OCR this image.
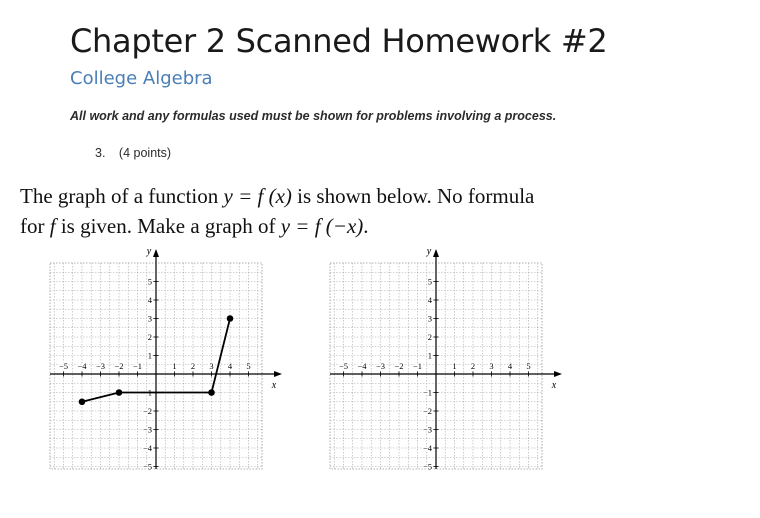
Chapter 2 Scanned Homework #2
College Algebra
All work and any formulas used must be shown for problems involving a process.
3. (4 points)

The graph of a function y = f (x) is shown below. No formula

for f is given. Make a graph of y = f (−x).

x
y
−5 −4 −3 −2 −1	1 2 3 4 5
5
4
3
2
1
−1
−2
−3
−4
−5
x
y
−5 −4 −3 −2 −1	1 2 3 4 5
5
4
3
2
1
−1
−2
−3
−4
−5
